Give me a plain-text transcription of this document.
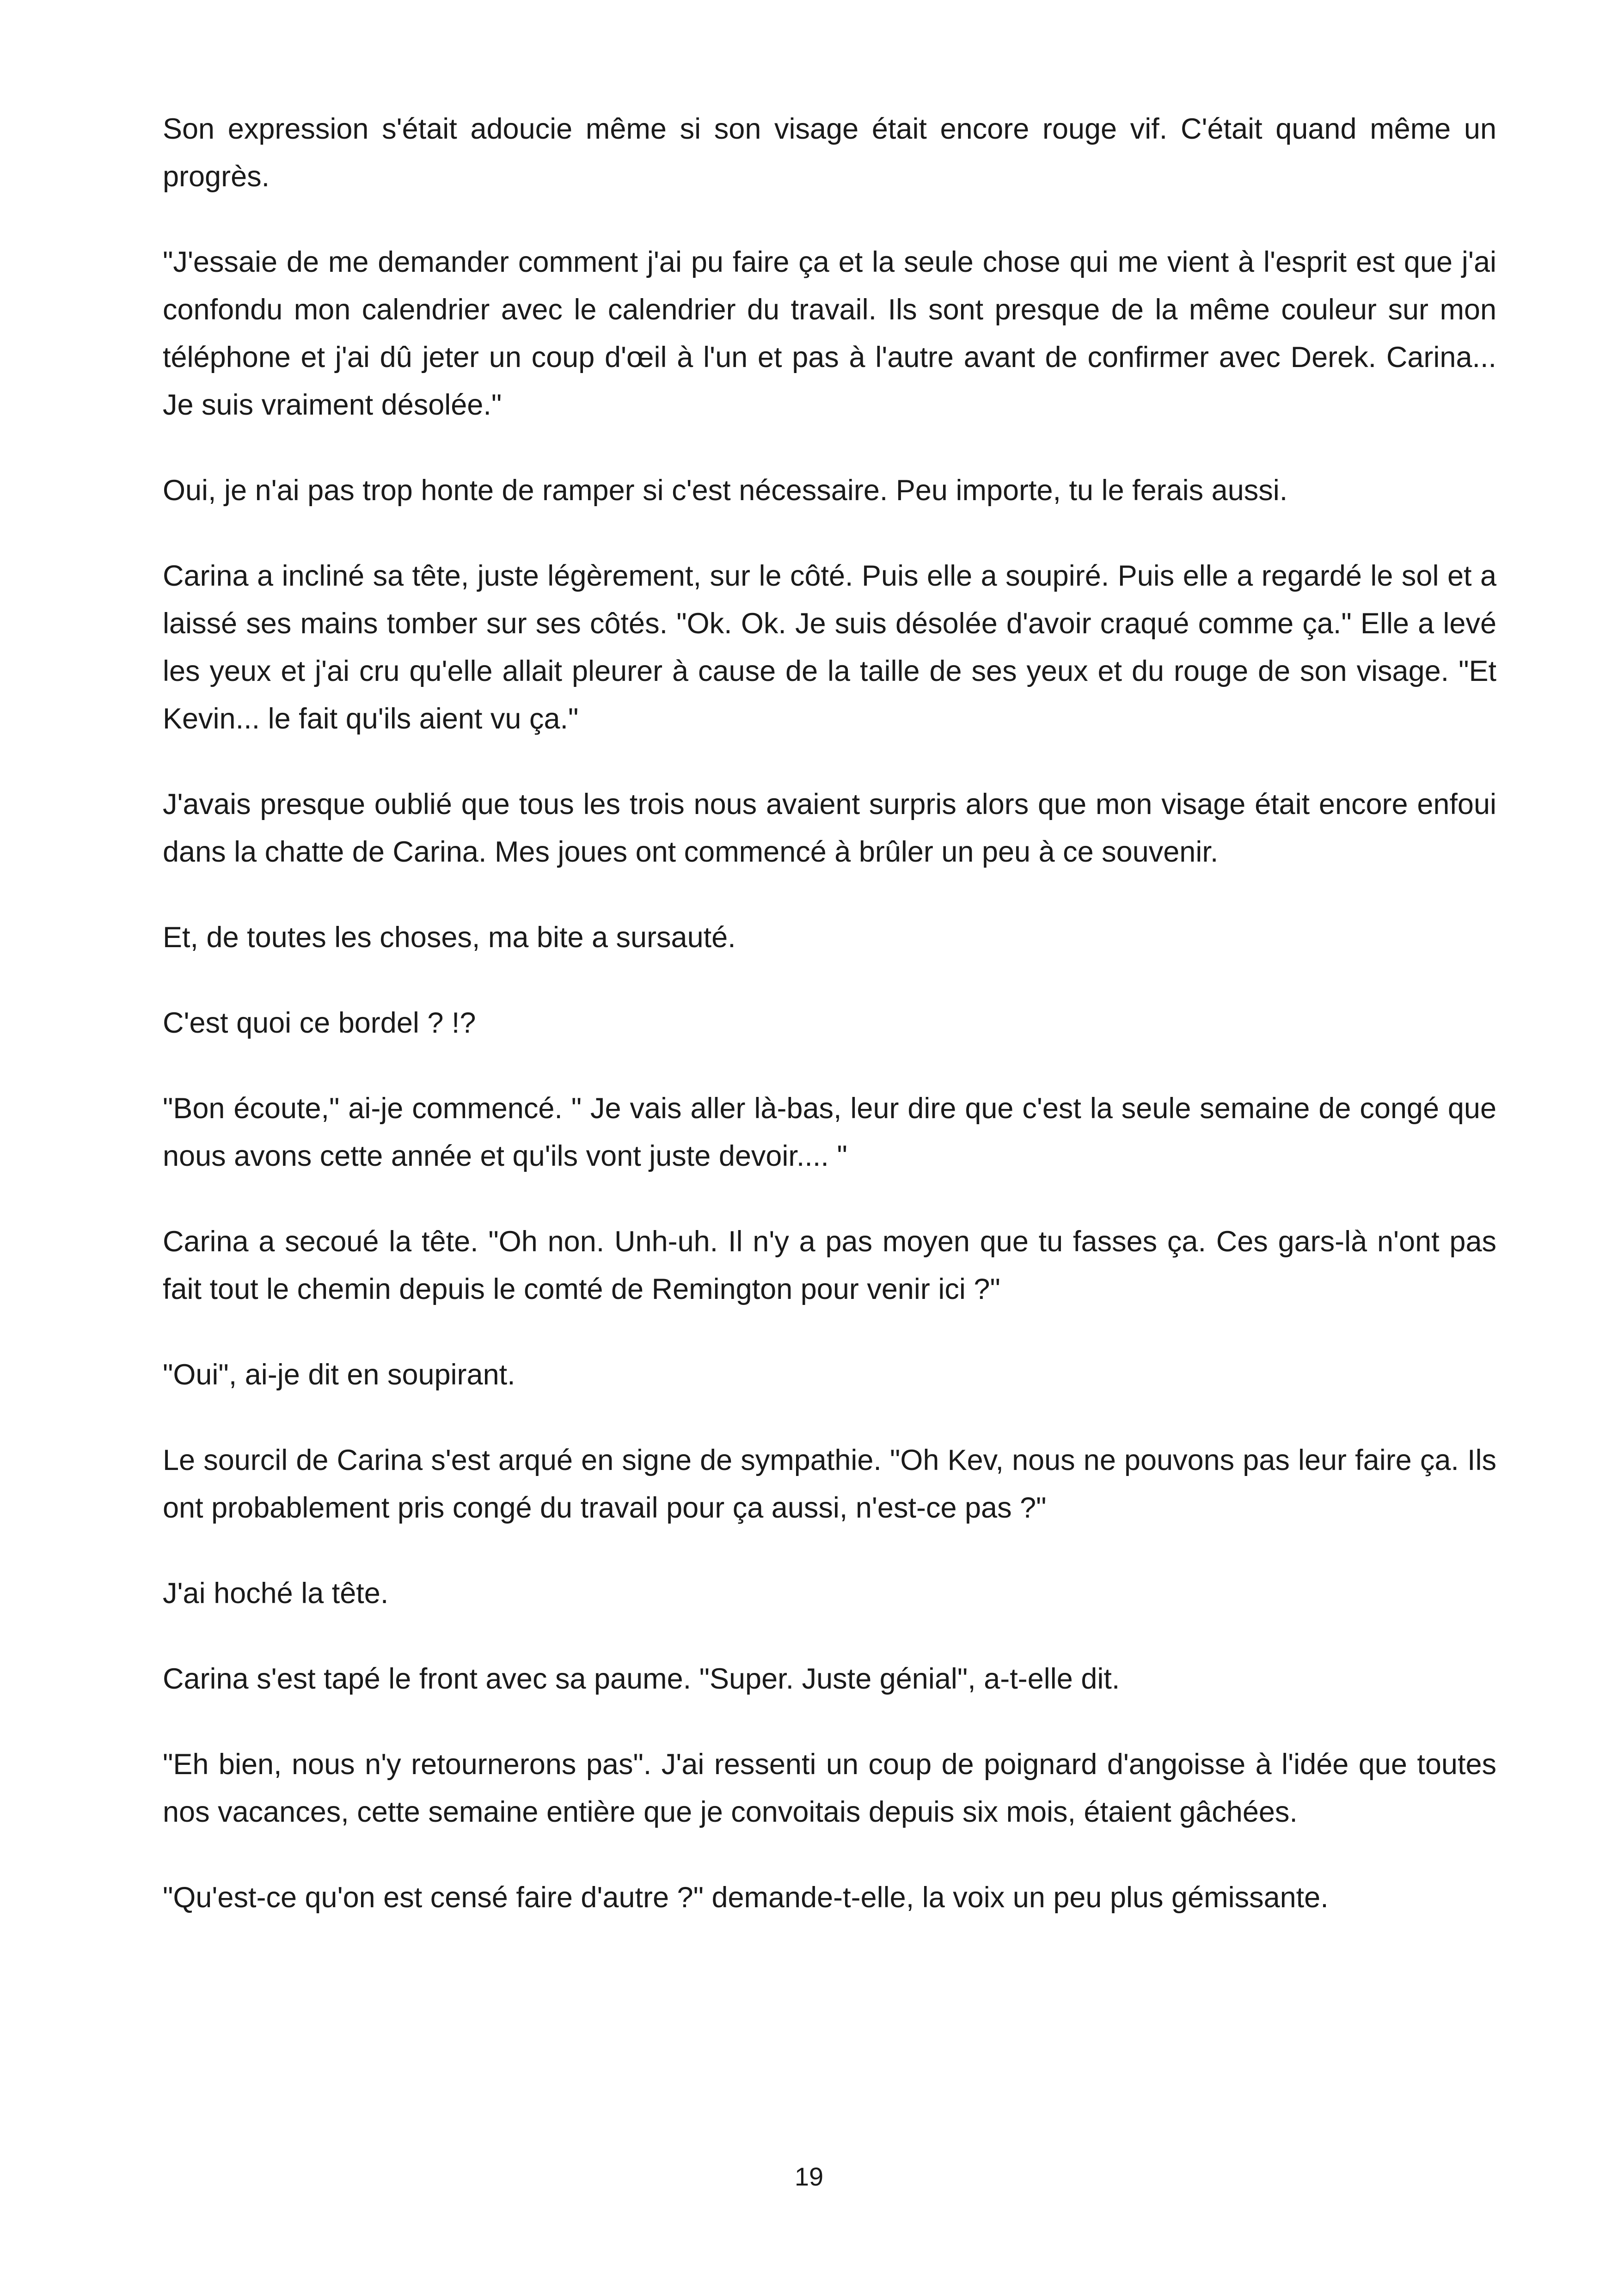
Son expression s'était adoucie même si son visage était encore rouge vif. C'était quand même un progrès.

"J'essaie de me demander comment j'ai pu faire ça et la seule chose qui me vient à l'esprit est que j'ai confondu mon calendrier avec le calendrier du travail. Ils sont presque de la même couleur sur mon téléphone et j'ai dû jeter un coup d'œil à l'un et pas à l'autre avant de confirmer avec Derek. Carina... Je suis vraiment désolée."

Oui, je n'ai pas trop honte de ramper si c'est nécessaire. Peu importe, tu le ferais aussi.

Carina a incliné sa tête, juste légèrement, sur le côté. Puis elle a soupiré. Puis elle a regardé le sol et a laissé ses mains tomber sur ses côtés. "Ok. Ok. Je suis désolée d'avoir craqué comme ça." Elle a levé les yeux et j'ai cru qu'elle allait pleurer à cause de la taille de ses yeux et du rouge de son visage. "Et Kevin... le fait qu'ils aient vu ça."

J'avais presque oublié que tous les trois nous avaient surpris alors que mon visage était encore enfoui dans la chatte de Carina. Mes joues ont commencé à brûler un peu à ce souvenir.

Et, de toutes les choses, ma bite a sursauté.

C'est quoi ce bordel ? !?

"Bon écoute," ai-je commencé. " Je vais aller là-bas, leur dire que c'est la seule semaine de congé que nous avons cette année et qu'ils vont juste devoir.... "

Carina a secoué la tête. "Oh non. Unh-uh. Il n'y a pas moyen que tu fasses ça. Ces gars-là n'ont pas fait tout le chemin depuis le comté de Remington pour venir ici ?"

"Oui", ai-je dit en soupirant.

Le sourcil de Carina s'est arqué en signe de sympathie. "Oh Kev, nous ne pouvons pas leur faire ça. Ils ont probablement pris congé du travail pour ça aussi, n'est-ce pas ?"

J'ai hoché la tête.

Carina s'est tapé le front avec sa paume. "Super. Juste génial", a-t-elle dit.

"Eh bien, nous n'y retournerons pas". J'ai ressenti un coup de poignard d'angoisse à l'idée que toutes nos vacances, cette semaine entière que je convoitais depuis six mois, étaient gâchées.

"Qu'est-ce qu'on est censé faire d'autre ?" demande-t-elle, la voix un peu plus gémissante.

19
